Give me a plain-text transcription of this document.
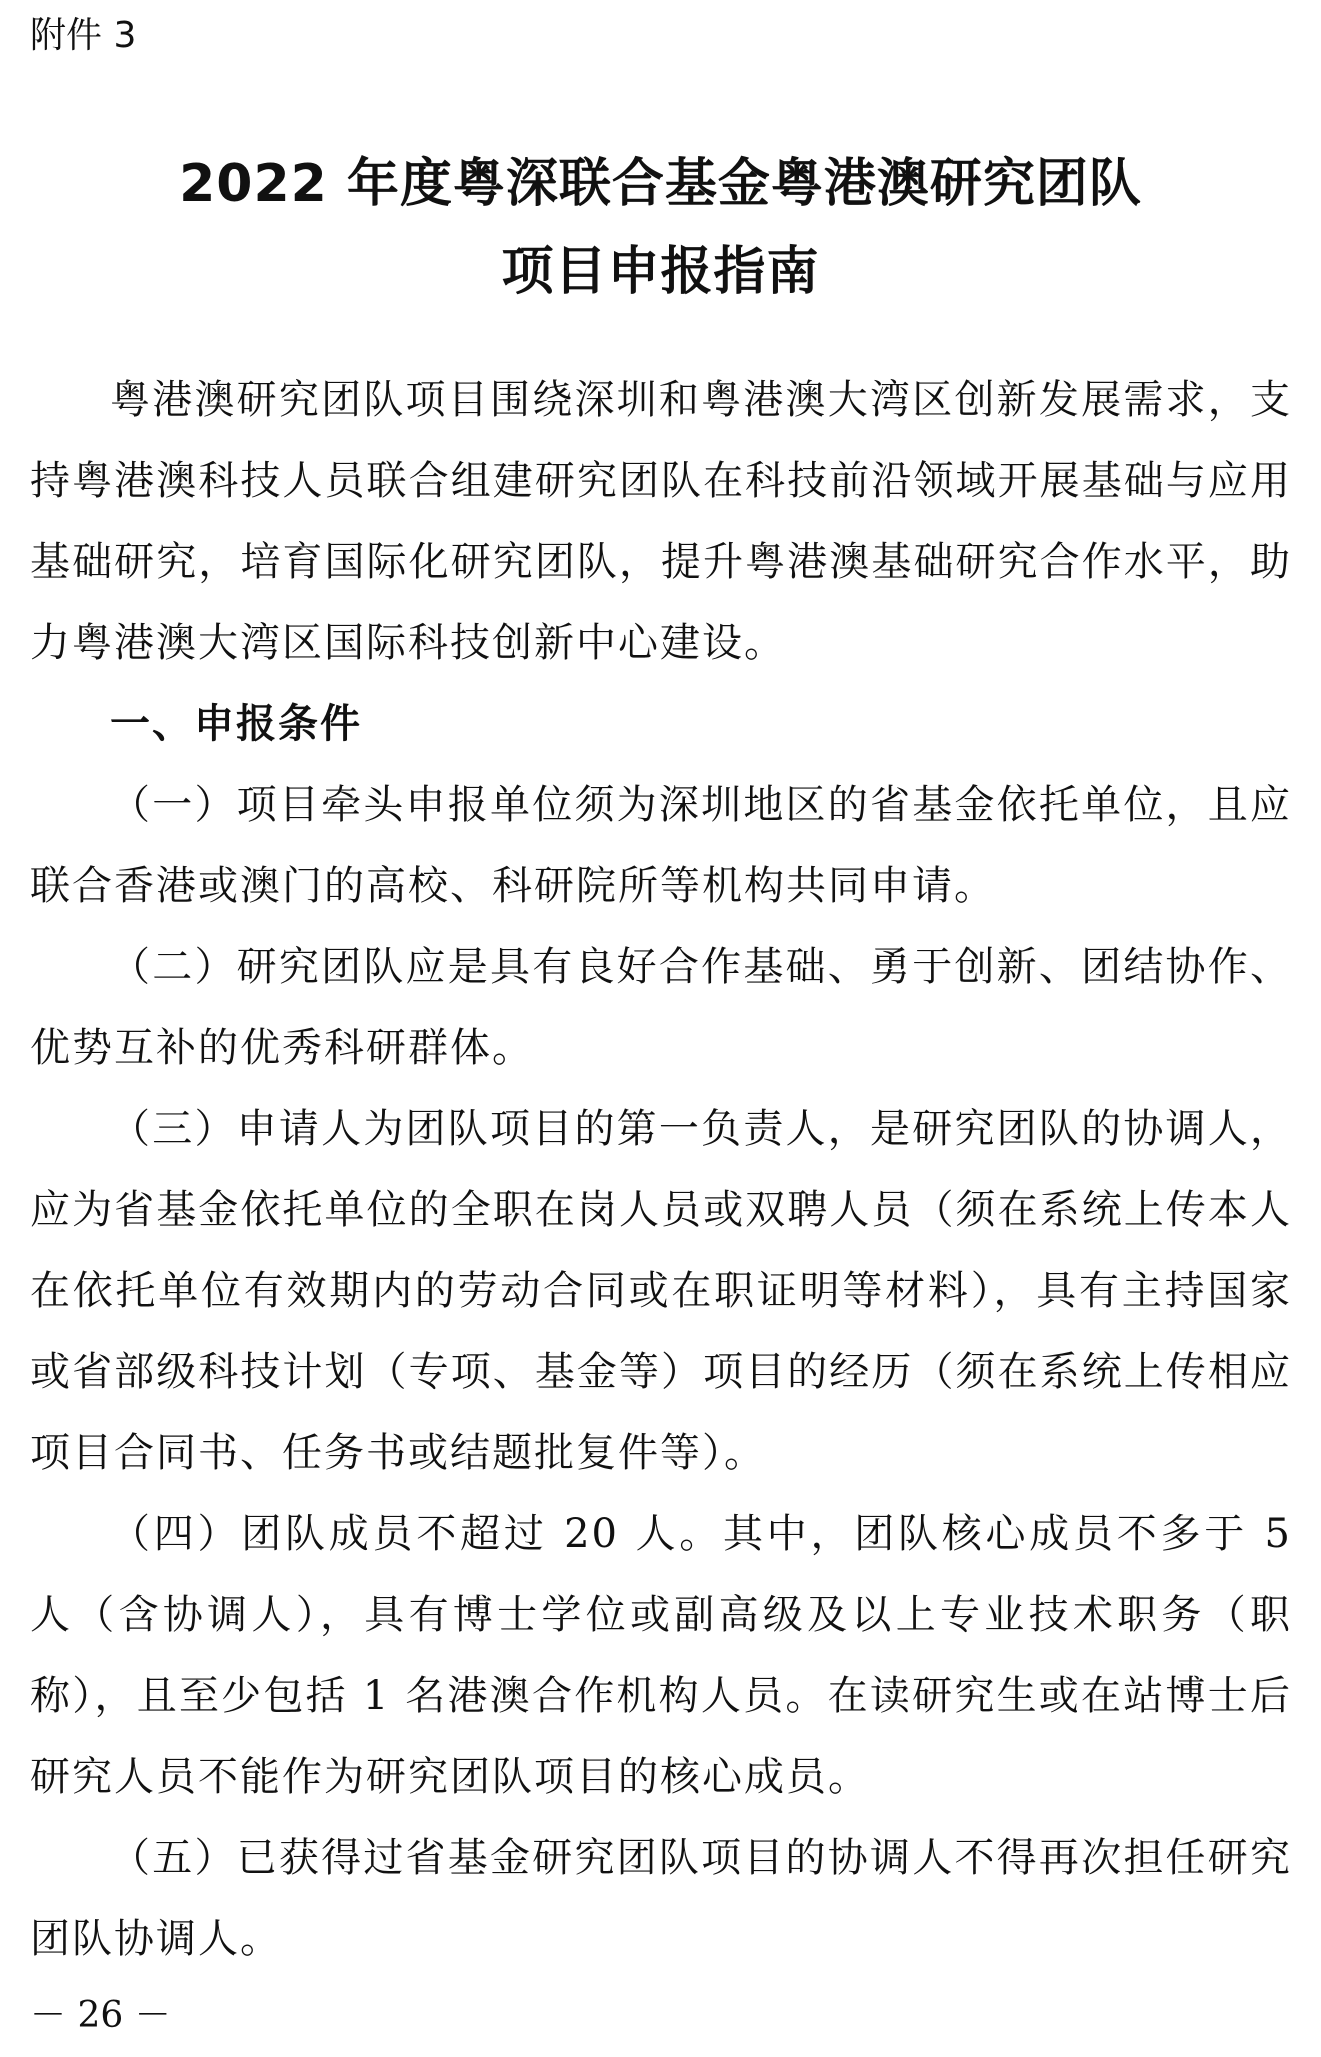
附件 3
2022 年度粤深联合基金粤港澳研究团队
项目申报指南

粤港澳研究团队项目围绕深圳和粤港澳大湾区创新发展需求，支持粤港澳科技人员联合组建研究团队在科技前沿领域开展基础与应用基础研究，培育国际化研究团队，提升粤港澳基础研究合作水平，助力粤港澳大湾区国际科技创新中心建设。

一、申报条件

（一）项目牵头申报单位须为深圳地区的省基金依托单位，且应联合香港或澳门的高校、科研院所等机构共同申请。

（二）研究团队应是具有良好合作基础、勇于创新、团结协作、优势互补的优秀科研群体。

（三）申请人为团队项目的第一负责人，是研究团队的协调人，应为省基金依托单位的全职在岗人员或双聘人员（须在系统上传本人在依托单位有效期内的劳动合同或在职证明等材料），具有主持国家或省部级科技计划（专项、基金等）项目的经历（须在系统上传相应项目合同书、任务书或结题批复件等）。

（四）团队成员不超过 20 人。其中，团队核心成员不多于 5 人（含协调人），具有博士学位或副高级及以上专业技术职务（职称），且至少包括 1 名港澳合作机构人员。在读研究生或在站博士后研究人员不能作为研究团队项目的核心成员。

（五）已获得过省基金研究团队项目的协调人不得再次担任研究团队协调人。

－ 26 －
